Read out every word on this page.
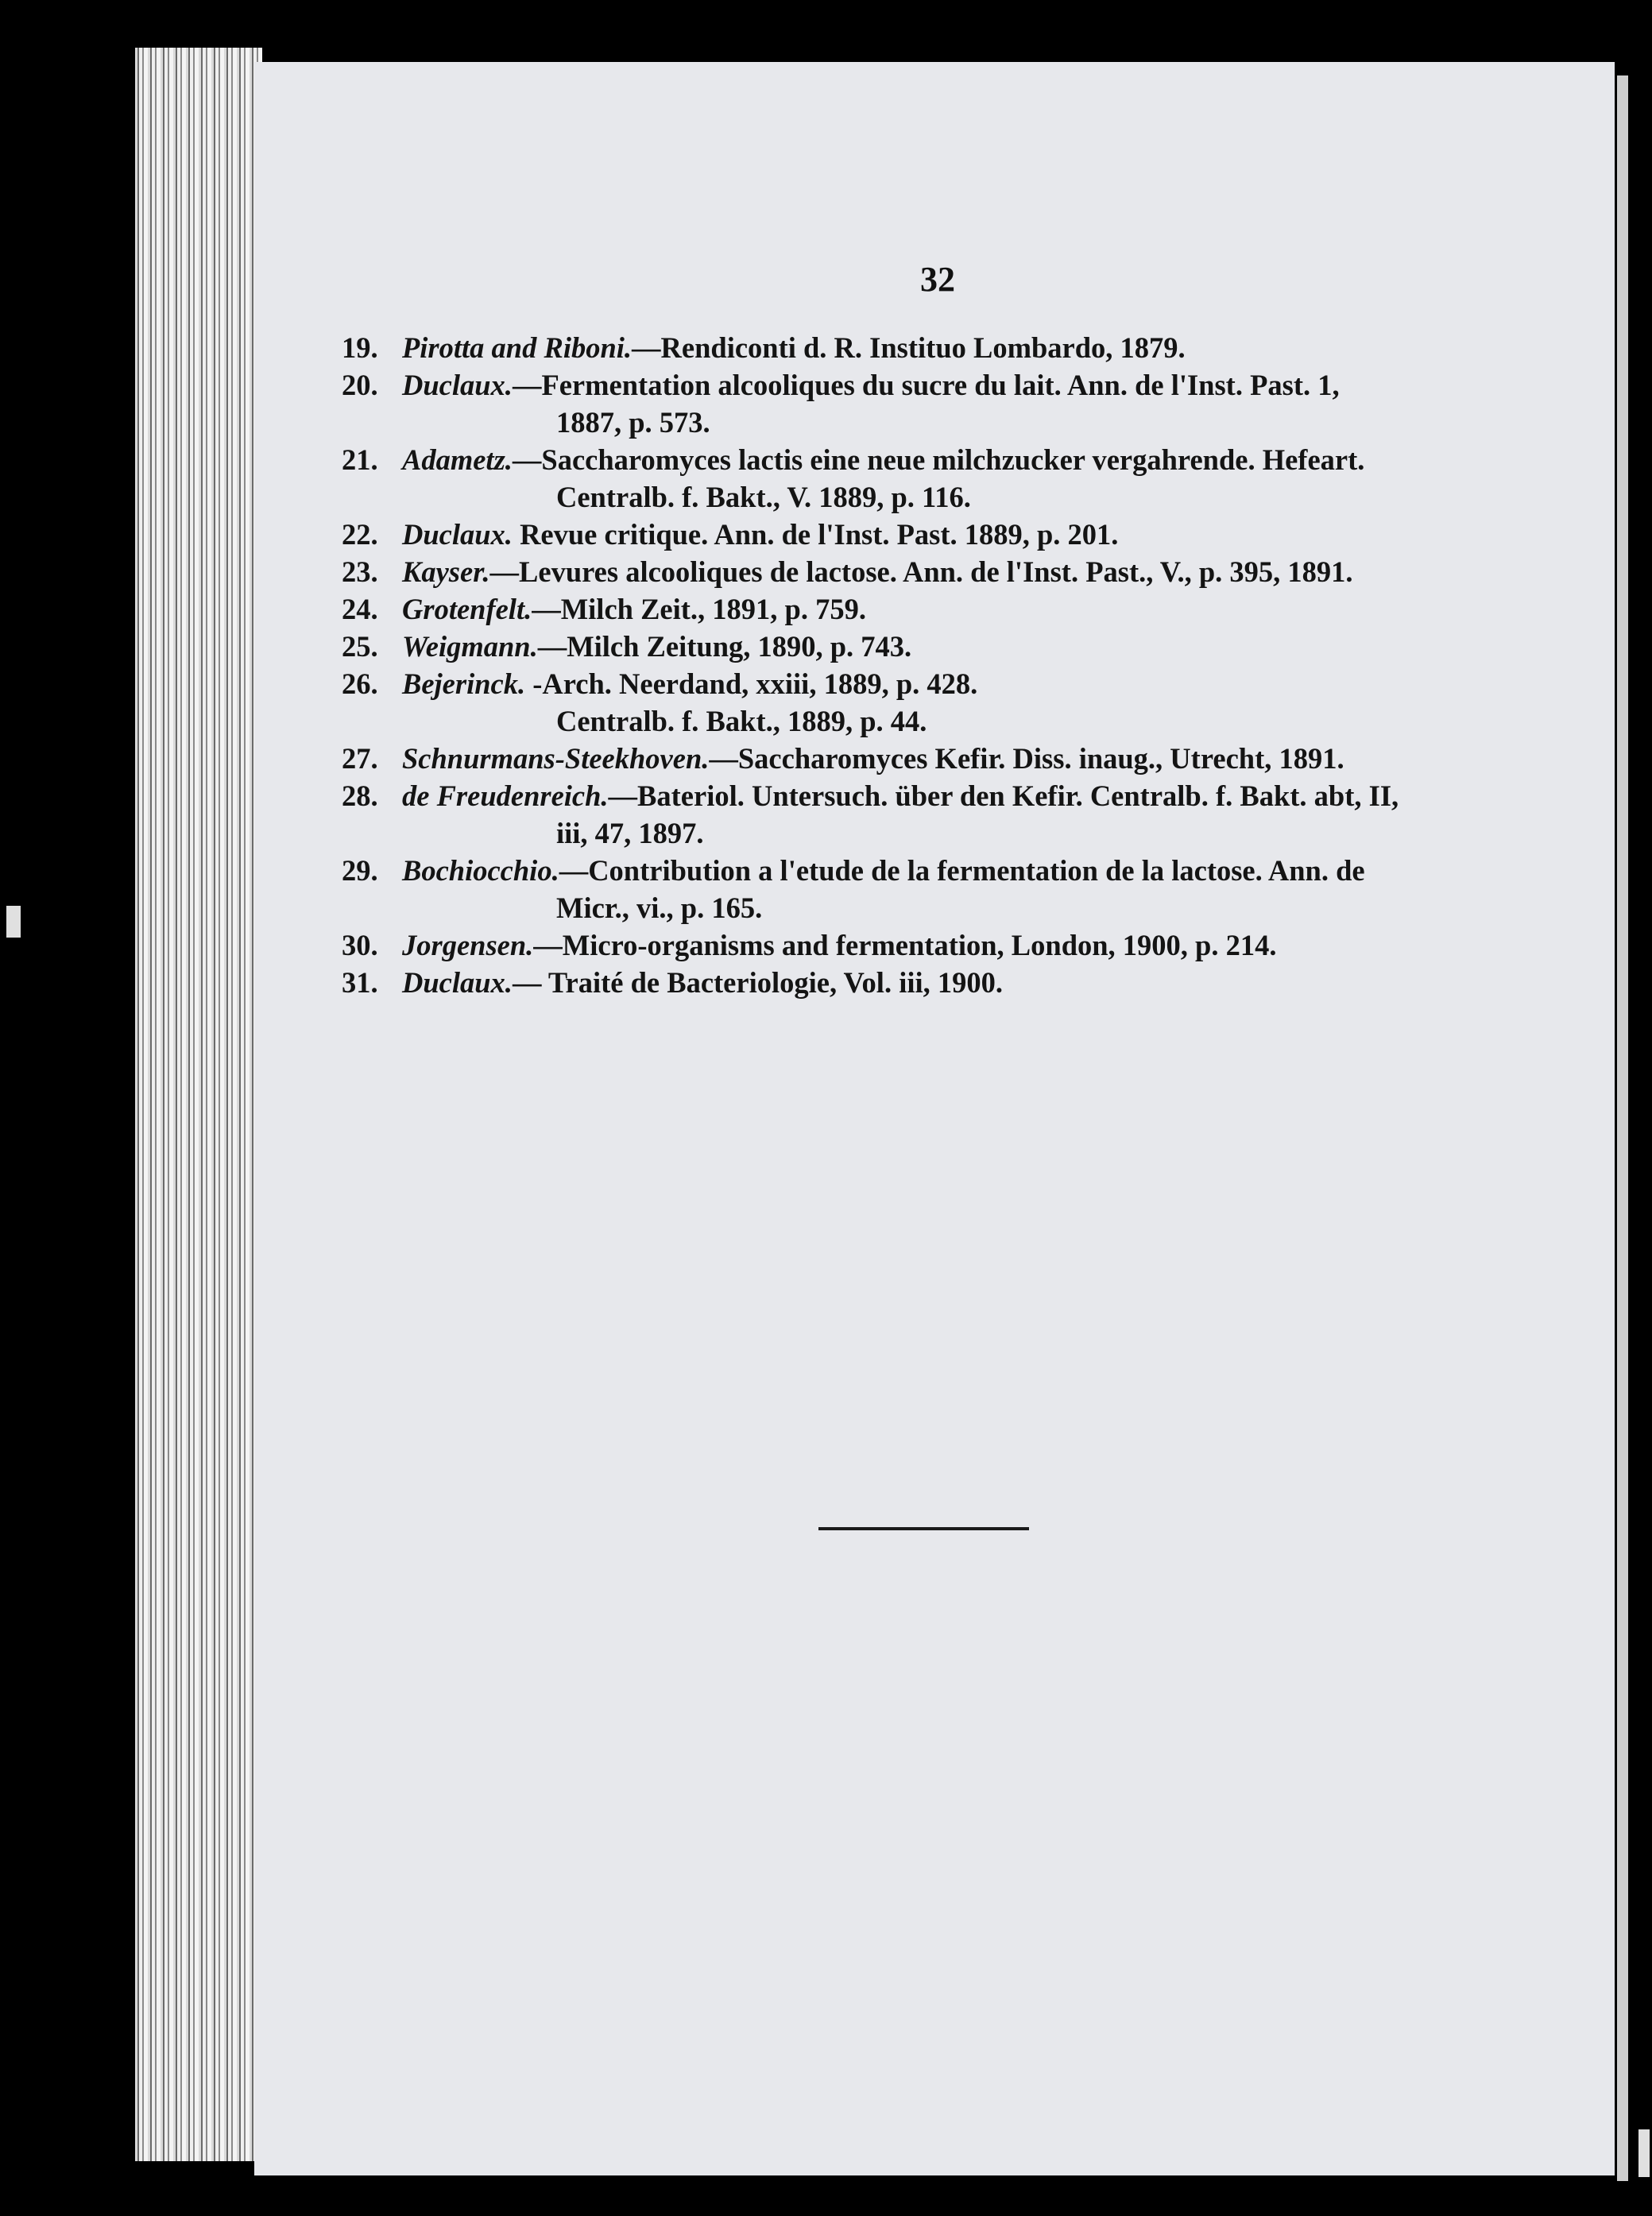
32
19. Pirotta and Riboni.—Rendiconti d. R. Instituo Lombardo, 1879.
20. Duclaux.—Fermentation alcooliques du sucre du lait. Ann. de l'Inst. Past. 1,
1887, p. 573.
21. Adametz.—Saccharomyces lactis eine neue milchzucker vergahrende. Hefeart.
Centralb. f. Bakt., V. 1889, p. 116.
22. Duclaux. Revue critique. Ann. de l'Inst. Past. 1889, p. 201.
23. Kayser.—Levures alcooliques de lactose. Ann. de l'Inst. Past., V., p. 395, 1891.
24. Grotenfelt.—Milch Zeit., 1891, p. 759.
25. Weigmann.—Milch Zeitung, 1890, p. 743.
26. Bejerinck. -Arch. Neerdand, xxiii, 1889, p. 428.
Centralb. f. Bakt., 1889, p. 44.
27. Schnurmans-Steekhoven.—Saccharomyces Kefir. Diss. inaug., Utrecht, 1891.
28. de Freudenreich.—Bateriol. Untersuch. über den Kefir. Centralb. f. Bakt. abt, II,
iii, 47, 1897.
29. Bochiocchio.—Contribution a l'etude de la fermentation de la lactose. Ann. de
Micr., vi., p. 165.
30. Jorgensen.—Micro-organisms and fermentation, London, 1900, p. 214.
31. Duclaux.— Traité de Bacteriologie, Vol. iii, 1900.
